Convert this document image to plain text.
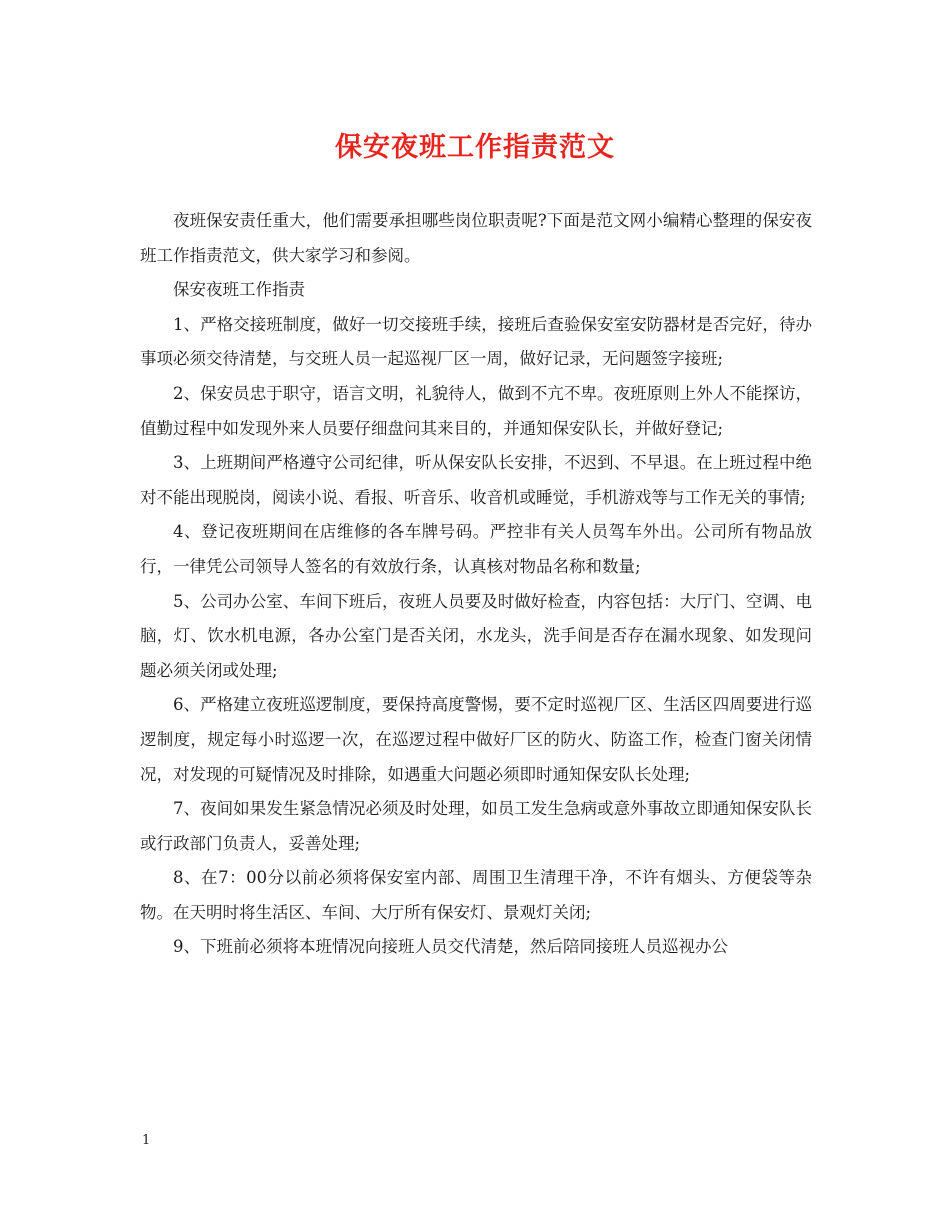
保安夜班工作指责范文

夜班保安责任重大，他们需要承担哪些岗位职责呢?下面是范文网小编精心整理的保安夜班工作指责范文，供大家学习和参阅。

保安夜班工作指责

1、严格交接班制度，做好一切交接班手续，接班后查验保安室安防器材是否完好，待办事项必须交待清楚，与交班人员一起巡视厂区一周，做好记录，无问题签字接班;

2、保安员忠于职守，语言文明，礼貌待人，做到不亢不卑。夜班原则上外人不能探访，值勤过程中如发现外来人员要仔细盘问其来目的，并通知保安队长，并做好登记;

3、上班期间严格遵守公司纪律，听从保安队长安排，不迟到、不早退。在上班过程中绝对不能出现脱岗，阅读小说、看报、听音乐、收音机或睡觉，手机游戏等与工作无关的事情;

4、登记夜班期间在店维修的各车牌号码。严控非有关人员驾车外出。公司所有物品放行，一律凭公司领导人签名的有效放行条，认真核对物品名称和数量;

5、公司办公室、车间下班后，夜班人员要及时做好检查，内容包括：大厅门、空调、电脑，灯、饮水机电源，各办公室门是否关闭，水龙头，洗手间是否存在漏水现象、如发现问题必须关闭或处理;

6、严格建立夜班巡逻制度，要保持高度警惕，要不定时巡视厂区、生活区四周要进行巡逻制度，规定每小时巡逻一次，在巡逻过程中做好厂区的防火、防盗工作，检查门窗关闭情况，对发现的可疑情况及时排除，如遇重大问题必须即时通知保安队长处理;

7、夜间如果发生紧急情况必须及时处理，如员工发生急病或意外事故立即通知保安队长或行政部门负责人，妥善处理;

8、在7：00分以前必须将保安室内部、周围卫生清理干净，不许有烟头、方便袋等杂物。在天明时将生活区、车间、大厅所有保安灯、景观灯关闭;

9、下班前必须将本班情况向接班人员交代清楚，然后陪同接班人员巡视办公

1
